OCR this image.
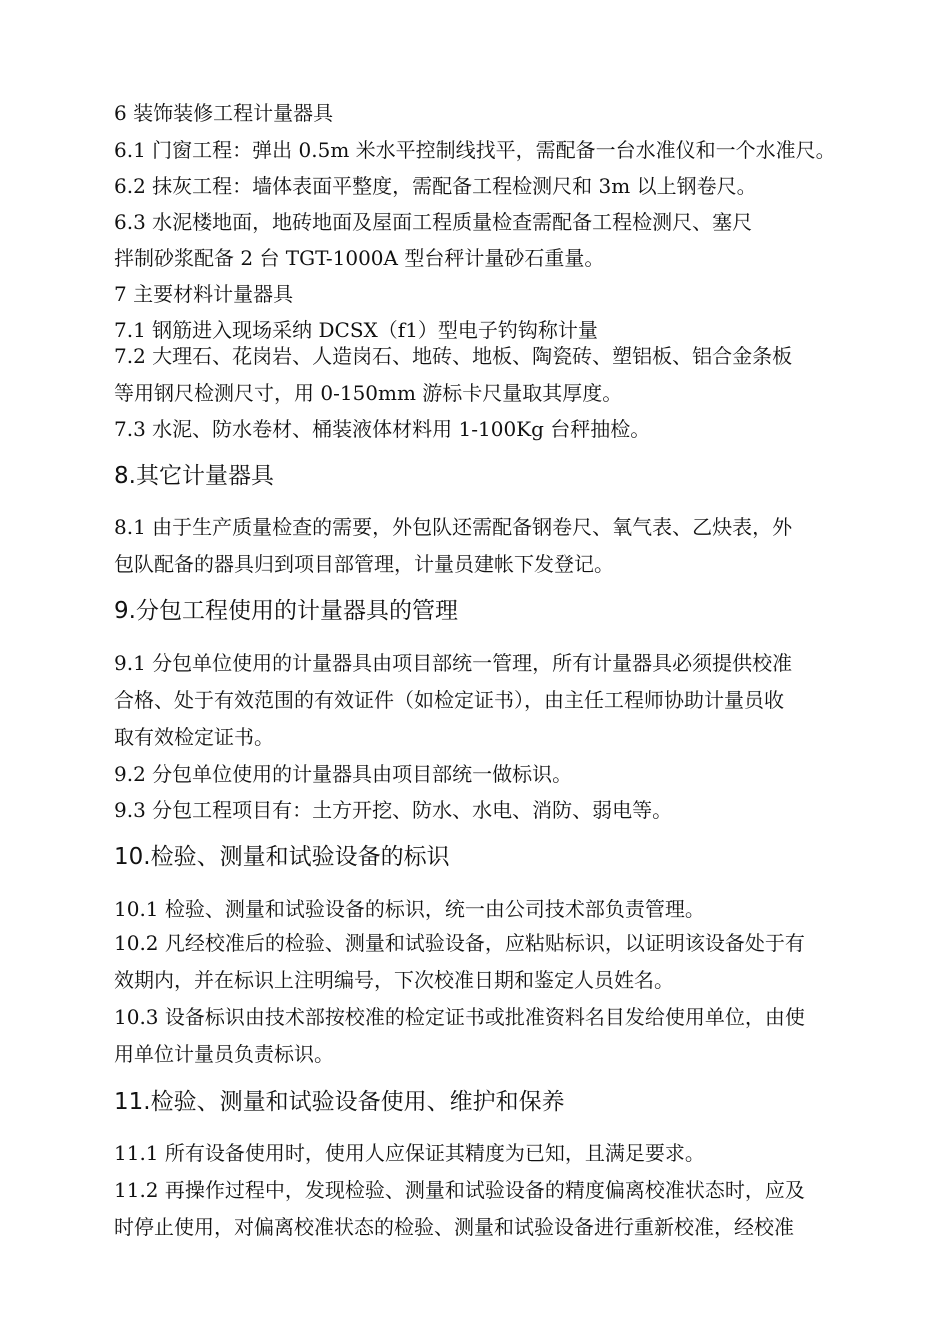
6 装饰装修工程计量器具

6.1 门窗工程：弹出 0.5m 米水平控制线找平，需配备一台水准仪和一个水准尺。

6.2 抹灰工程：墙体表面平整度，需配备工程检测尺和 3m 以上钢卷尺。

6.3 水泥楼地面，地砖地面及屋面工程质量检查需配备工程检测尺、塞尺

拌制砂浆配备 2 台 TGT-1000A 型台秤计量砂石重量。

7 主要材料计量器具

7.1 钢筋进入现场采纳 DCSX（f1）型电子钓钩称计量

7.2 大理石、花岗岩、人造岗石、地砖、地板、陶瓷砖、塑铝板、铝合金条板

等用钢尺检测尺寸，用 0-150mm 游标卡尺量取其厚度。

7.3 水泥、防水卷材、桶装液体材料用 1-100Kg 台秤抽检。

8.其它计量器具

8.1 由于生产质量检查的需要，外包队还需配备钢卷尺、氧气表、乙炔表，外

包队配备的器具归到项目部管理，计量员建帐下发登记。

9.分包工程使用的计量器具的管理

9.1 分包单位使用的计量器具由项目部统一管理，所有计量器具必须提供校准

合格、处于有效范围的有效证件（如检定证书），由主任工程师协助计量员收

取有效检定证书。

9.2 分包单位使用的计量器具由项目部统一做标识。

9.3 分包工程项目有：土方开挖、防水、水电、消防、弱电等。

10.检验、测量和试验设备的标识

10.1 检验、测量和试验设备的标识，统一由公司技术部负责管理。

10.2 凡经校准后的检验、测量和试验设备，应粘贴标识，以证明该设备处于有

效期内，并在标识上注明编号，下次校准日期和鉴定人员姓名。

10.3 设备标识由技术部按校准的检定证书或批准资料名目发给使用单位，由使

用单位计量员负责标识。

11.检验、测量和试验设备使用、维护和保养

11.1 所有设备使用时，使用人应保证其精度为已知，且满足要求。

11.2 再操作过程中，发现检验、测量和试验设备的精度偏离校准状态时，应及

时停止使用，对偏离校准状态的检验、测量和试验设备进行重新校准，经校准
